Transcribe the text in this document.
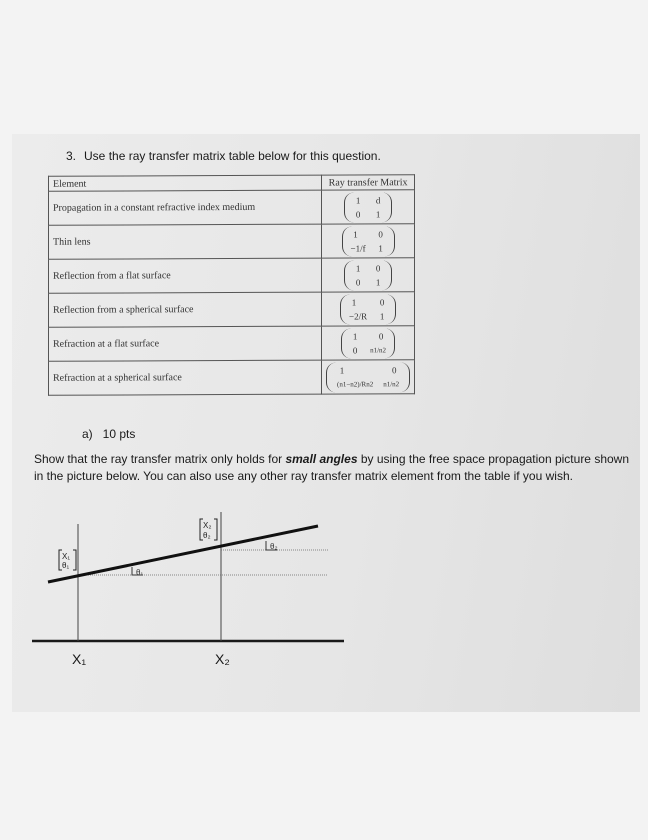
3. Use the ray transfer matrix table below for this question.
Element	Ray transfer Matrix
Propagation in a constant refractive index medium	1 d
0 1

Thin lens	1 0
−1/f 1

Reflection from a flat surface	1 0
0 1

Reflection from a spherical surface	1 0
−2/R 1

Refraction at a flat surface	1 0
0 n1/n2

Refraction at a spherical surface	1 0
(n1−n2)/Rn2 n1/n2
a) 10 pts
Show that the ray transfer matrix only holds for small angles by using the free space propagation picture shown in the picture below. You can also use any other ray transfer matrix element from the table if you wish.
θ₁
θ₂
X₁
θ₁
X₂
θ₂
X₁	X₂
